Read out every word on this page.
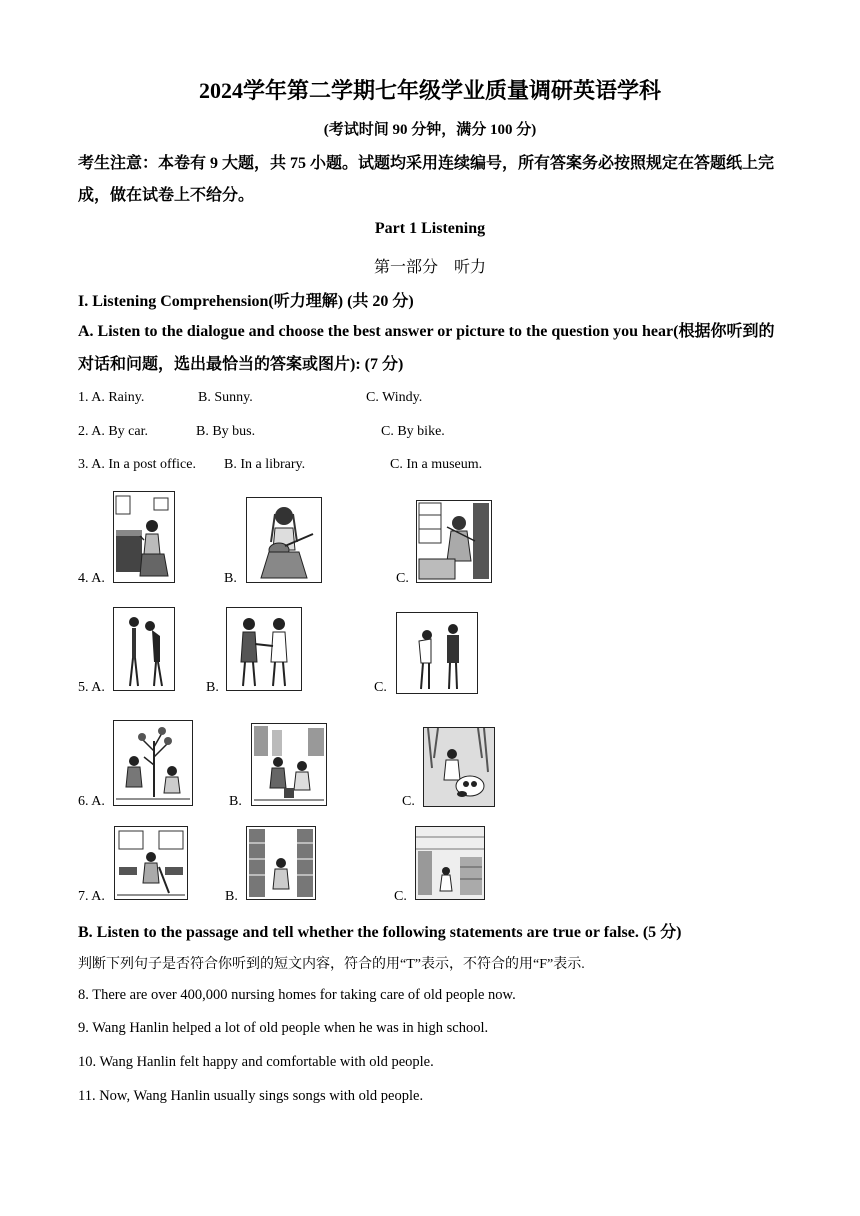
2024学年第二学期七年级学业质量调研英语学科
(考试时间 90 分钟，满分 100 分)
考生注意：本卷有 9 大题，共 75 小题。试题均采用连续编号，所有答案务必按照规定在答题纸上完成，做在试卷上不给分。
Part 1 Listening
第一部分　听力
I. Listening Comprehension(听力理解) (共 20 分)
A. Listen to the dialogue and choose the best answer or picture to the question you hear(根据你听到的对话和问题，选出最恰当的答案或图片): (7 分)
1. A. Rainy.	B. Sunny.	C. Windy.
2. A. By car.	B. By bus.	C. By bike.
3. A. In a post office. B. In a library.	C. In a museum.
4. A.	B.	C.
5. A.	B.	C.
6. A.	B.	C.
7. A.	B.	C.
B. Listen to the passage and tell whether the following statements are true or false. (5 分)
判断下列句子是否符合你听到的短文内容，符合的用“T”表示，不符合的用“F”表示.
8. There are over 400,000 nursing homes for taking care of old people now.
9. Wang Hanlin helped a lot of old people when he was in high school.
10. Wang Hanlin felt happy and comfortable with old people.
11. Now, Wang Hanlin usually sings songs with old people.
